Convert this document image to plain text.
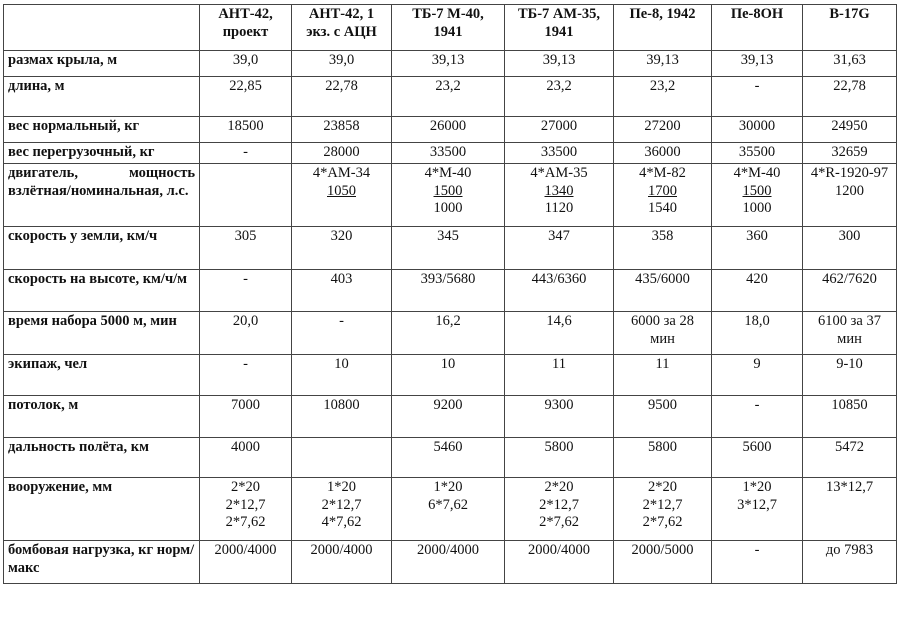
	АНТ-42, проект	АНТ-42, 1 экз. с АЦН	ТБ-7 М-40, 1941	ТБ-7 АМ-35, 1941	Пе-8, 1942	Пе-8ОН	B-17G
размах крыла, м	39,0	39,0	39,13	39,13	39,13	39,13	31,63

длина, м	22,85	22,78	23,2	23,2	23,2	-	22,78

вес нормальный, кг	18500	23858	26000	27000	27200	30000	24950

вес перегрузочный, кг	-	28000	33500	33500	36000	35500	32659

двигатель, мощность взлётная/номинальная, л.с.		4*АМ-34
1050	4*М-40
1500
1000	4*АМ-35
1340
1120	4*М-82
1700
1540	4*М-40
1500
1000	4*R-1920-97
1200

скорость у земли, км/ч	305	320	345	347	358	360	300

скорость на высоте, км/ч/м	-	403	393/5680	443/6360	435/6000	420	462/7620

время набора 5000 м, мин	20,0	-	16,2	14,6	6000 за 28
мин	18,0	6100 за 37
мин

экипаж, чел	-	10	10	11	11	9	9-10

потолок, м	7000	10800	9200	9300	9500	-	10850

дальность полёта, км	4000		5460	5800	5800	5600	5472

вооружение, мм	2*20
2*12,7
2*7,62	1*20
2*12,7
4*7,62	1*20
6*7,62	2*20
2*12,7
2*7,62	2*20
2*12,7
2*7,62	1*20
3*12,7	13*12,7

бомбовая нагрузка, кг норм/макс	2000/4000	2000/4000	2000/4000	2000/4000	2000/5000	-	до 7983
